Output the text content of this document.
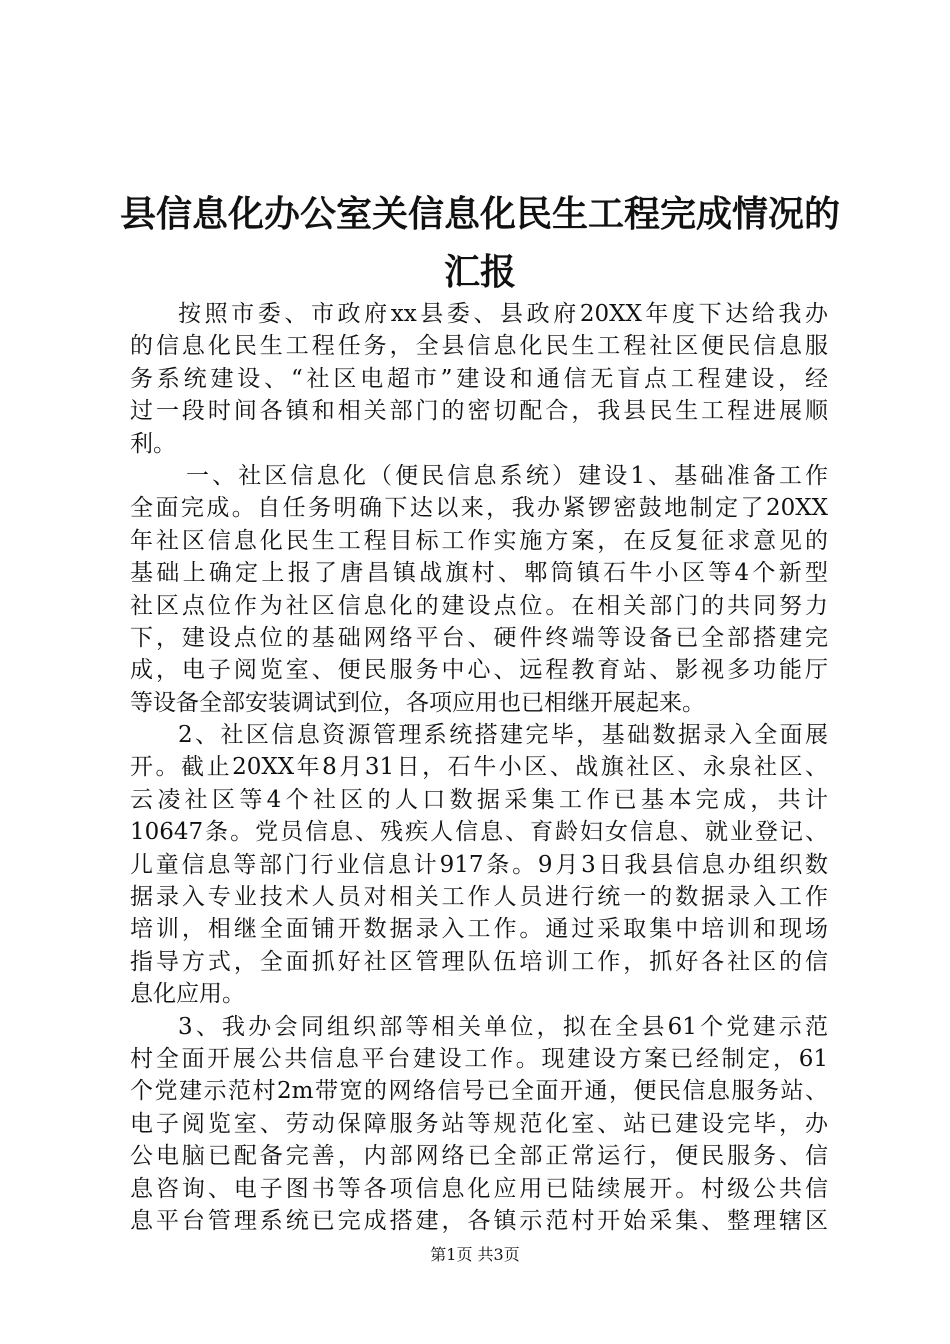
县信息化办公室关信息化民生工程完成情况的
汇报
按照市委、市政府xx县委、县政府20XX年度下达给我办
的信息化民生工程任务，全县信息化民生工程社区便民信息服
务系统建设、“社区电超市”建设和通信无盲点工程建设，经
过一段时间各镇和相关部门的密切配合，我县民生工程进展顺
利。
一、社区信息化（便民信息系统）建设1、基础准备工作
全面完成。自任务明确下达以来，我办紧锣密鼓地制定了20XX
年社区信息化民生工程目标工作实施方案，在反复征求意见的
基础上确定上报了唐昌镇战旗村、郫筒镇石牛小区等4个新型
社区点位作为社区信息化的建设点位。在相关部门的共同努力
下，建设点位的基础网络平台、硬件终端等设备已全部搭建完
成，电子阅览室、便民服务中心、远程教育站、影视多功能厅
等设备全部安装调试到位，各项应用也已相继开展起来。
2、社区信息资源管理系统搭建完毕，基础数据录入全面展
开。截止20XX年8月31日，石牛小区、战旗社区、永泉社区、
云凌社区等4个社区的人口数据采集工作已基本完成，共计
10647条。党员信息、残疾人信息、育龄妇女信息、就业登记、
儿童信息等部门行业信息计917条。9月3日我县信息办组织数
据录入专业技术人员对相关工作人员进行统一的数据录入工作
培训，相继全面铺开数据录入工作。通过采取集中培训和现场
指导方式，全面抓好社区管理队伍培训工作，抓好各社区的信
息化应用。
3、我办会同组织部等相关单位，拟在全县61个党建示范
村全面开展公共信息平台建设工作。现建设方案已经制定，61
个党建示范村2m带宽的网络信号已全面开通，便民信息服务站、
电子阅览室、劳动保障服务站等规范化室、站已建设完毕，办
公电脑已配备完善，内部网络已全部正常运行，便民服务、信
息咨询、电子图书等各项信息化应用已陆续展开。村级公共信
息平台管理系统已完成搭建，各镇示范村开始采集、整理辖区
第1页 共3页
